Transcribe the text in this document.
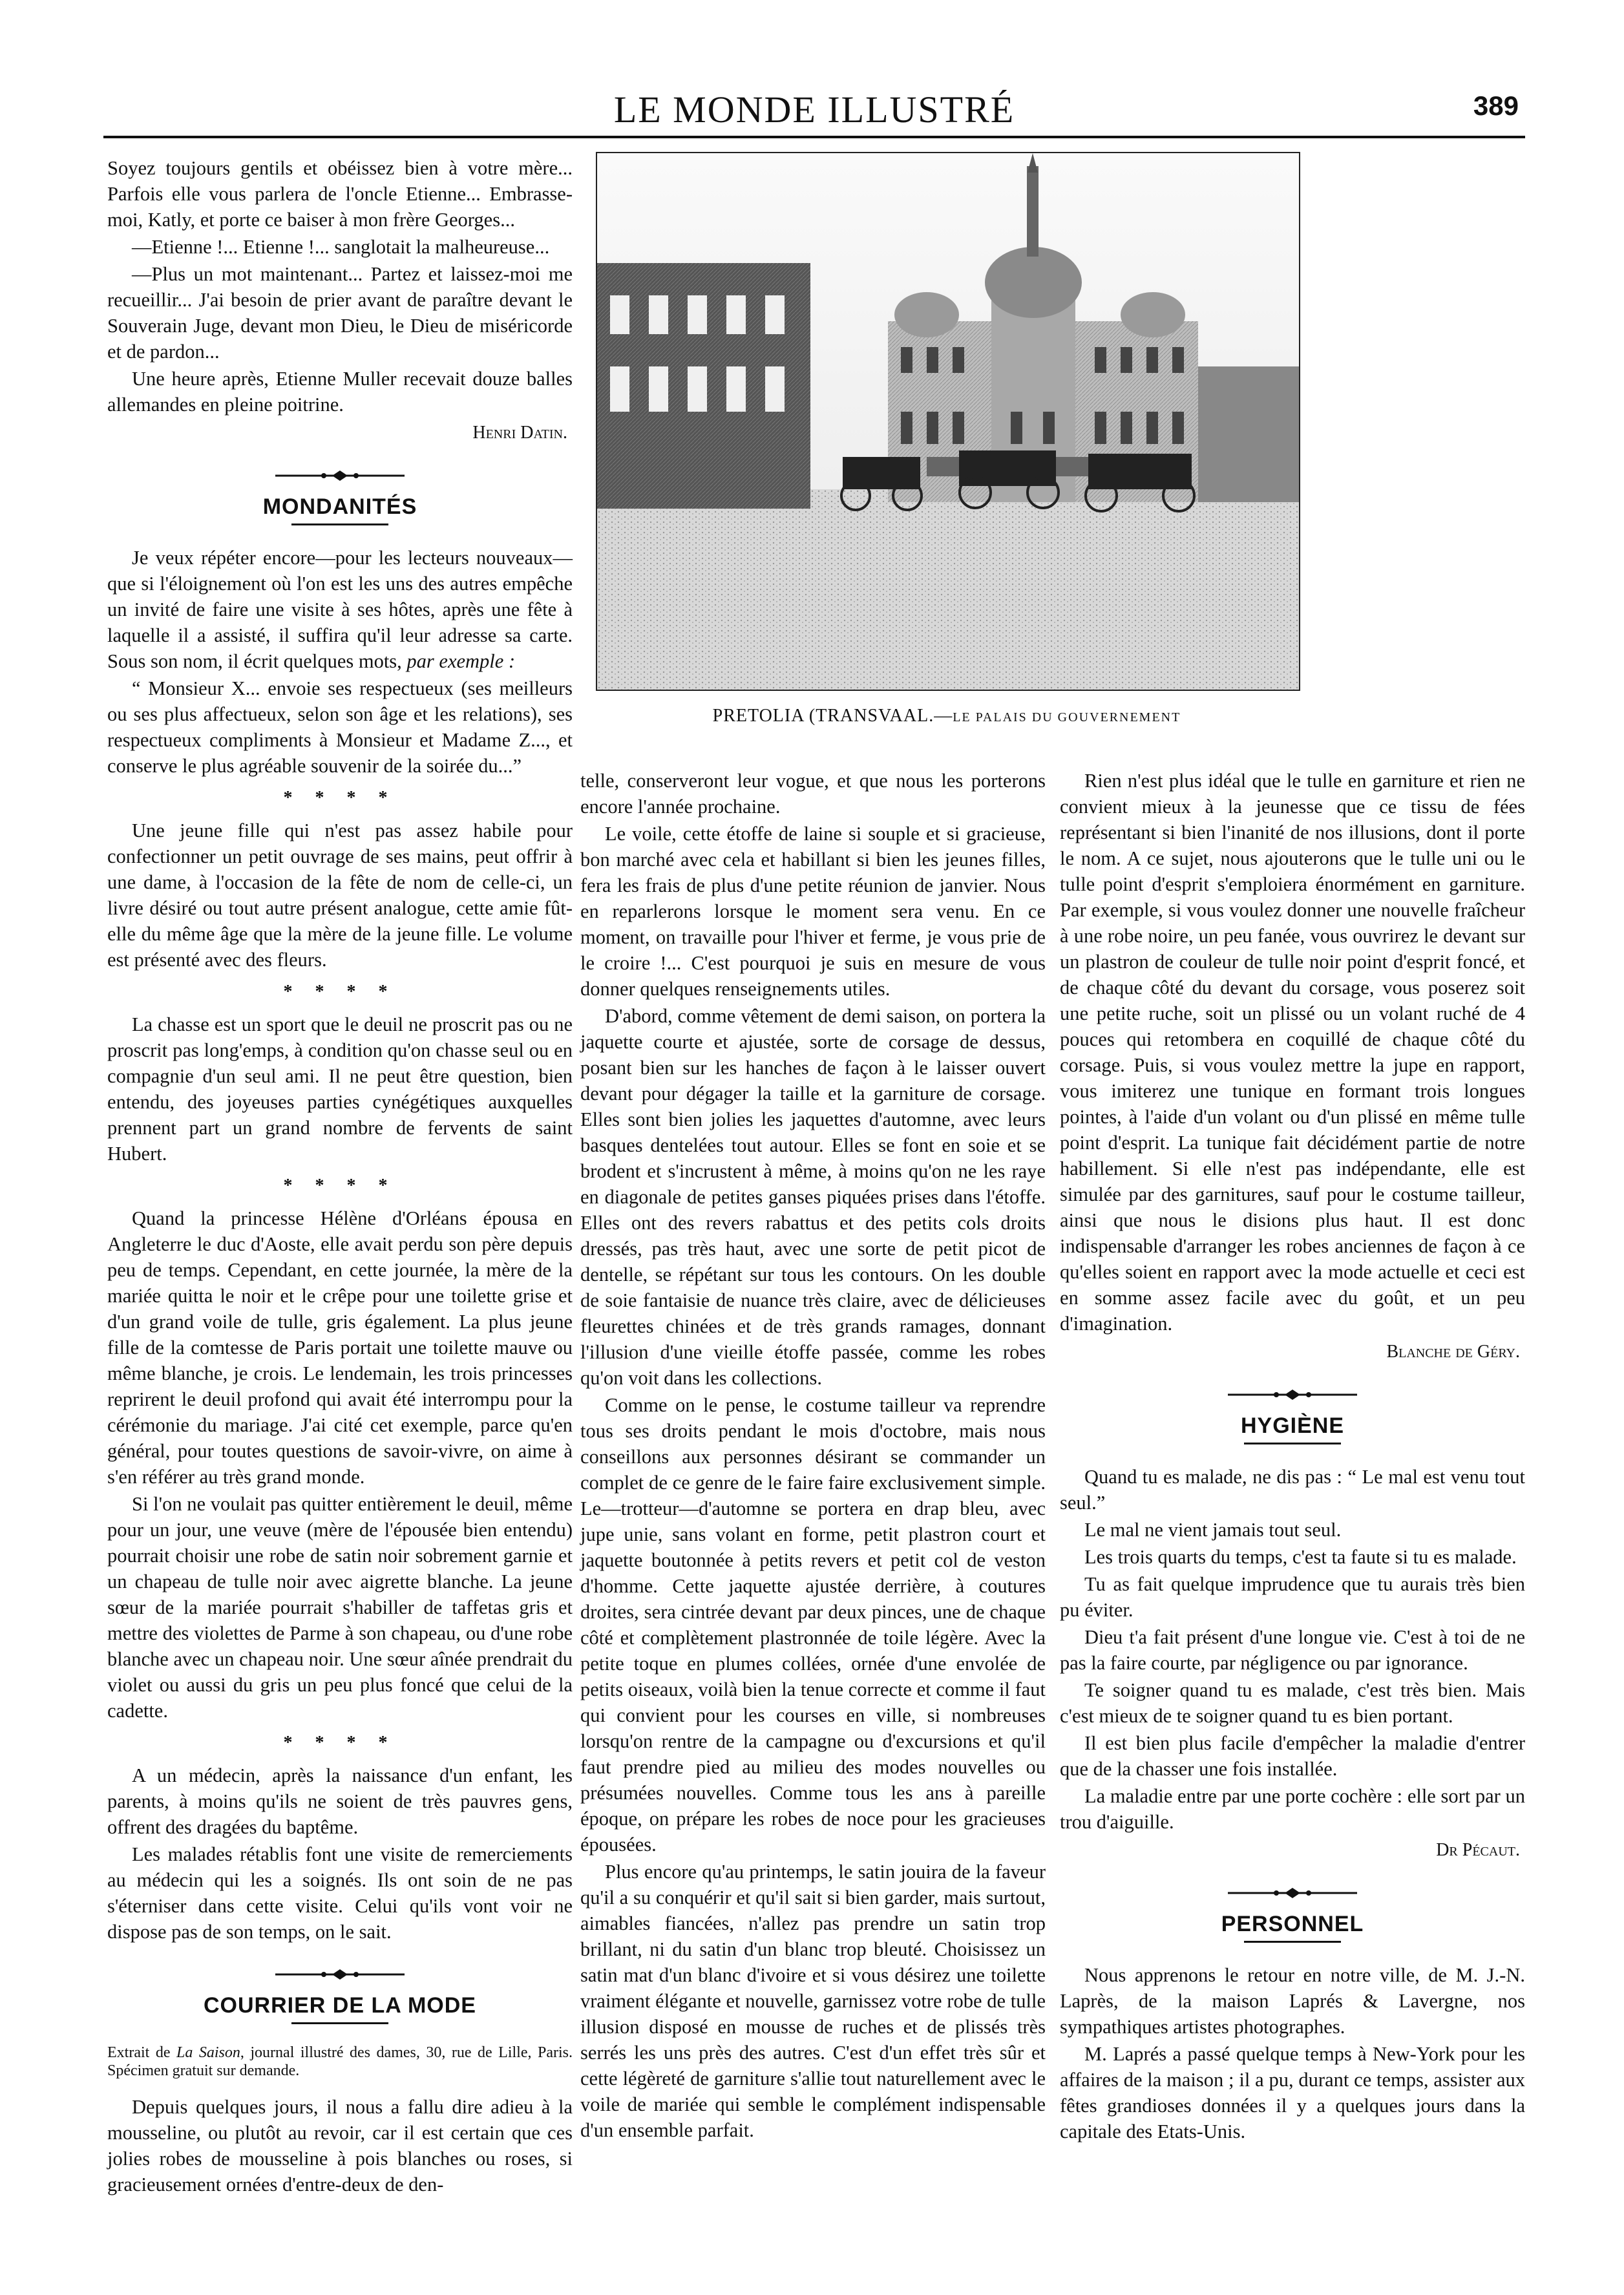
LE MONDE ILLUSTRÉ	389

Soyez toujours gentils et obéissez bien à votre mère... Parfois elle vous parlera de l'oncle Etienne... Embrasse-moi, Katly, et porte ce baiser à mon frère Georges...

—Etienne !... Etienne !... sanglotait la malheureuse...

—Plus un mot maintenant... Partez et laissez-moi me recueillir... J'ai besoin de prier avant de paraître devant le Souverain Juge, devant mon Dieu, le Dieu de miséricorde et de pardon...

Une heure après, Etienne Muller recevait douze balles allemandes en pleine poitrine.

Henri Datin.

MONDANITÉS

Je veux répéter encore—pour les lecteurs nouveaux—que si l'éloignement où l'on est les uns des autres empêche un invité de faire une visite à ses hôtes, après une fête à laquelle il a assisté, il suffira qu'il leur adresse sa carte. Sous son nom, il écrit quelques mots, par exemple :

“ Monsieur X... envoie ses respectueux (ses meilleurs ou ses plus affectueux, selon son âge et les relations), ses respectueux compliments à Monsieur et Madame Z..., et conserve le plus agréable souvenir de la soirée du...”

* * * *

Une jeune fille qui n'est pas assez habile pour confectionner un petit ouvrage de ses mains, peut offrir à une dame, à l'occasion de la fête de nom de celle-ci, un livre désiré ou tout autre présent analogue, cette amie fût-elle du même âge que la mère de la jeune fille. Le volume est présenté avec des fleurs.

* * * *

La chasse est un sport que le deuil ne proscrit pas ou ne proscrit pas long'emps, à condition qu'on chasse seul ou en compagnie d'un seul ami. Il ne peut être question, bien entendu, des joyeuses parties cynégétiques auxquelles prennent part un grand nombre de fervents de saint Hubert.

* * * *

Quand la princesse Hélène d'Orléans épousa en Angleterre le duc d'Aoste, elle avait perdu son père depuis peu de temps. Cependant, en cette journée, la mère de la mariée quitta le noir et le crêpe pour une toilette grise et d'un grand voile de tulle, gris également. La plus jeune fille de la comtesse de Paris portait une toilette mauve ou même blanche, je crois. Le lendemain, les trois princesses reprirent le deuil profond qui avait été interrompu pour la cérémonie du mariage. J'ai cité cet exemple, parce qu'en général, pour toutes questions de savoir-vivre, on aime à s'en référer au très grand monde.

Si l'on ne voulait pas quitter entièrement le deuil, même pour un jour, une veuve (mère de l'épousée bien entendu) pourrait choisir une robe de satin noir sobrement garnie et un chapeau de tulle noir avec aigrette blanche. La jeune sœur de la mariée pourrait s'habiller de taffetas gris et mettre des violettes de Parme à son chapeau, ou d'une robe blanche avec un chapeau noir. Une sœur aînée prendrait du violet ou aussi du gris un peu plus foncé que celui de la cadette.

* * * *

A un médecin, après la naissance d'un enfant, les parents, à moins qu'ils ne soient de très pauvres gens, offrent des dragées du baptême.

Les malades rétablis font une visite de remerciements au médecin qui les a soignés. Ils ont soin de ne pas s'éterniser dans cette visite. Celui qu'ils vont voir ne dispose pas de son temps, on le sait.

COURRIER DE LA MODE

Extrait de La Saison, journal illustré des dames, 30, rue de Lille, Paris. Spécimen gratuit sur demande.

Depuis quelques jours, il nous a fallu dire adieu à la mousseline, ou plutôt au revoir, car il est certain que ces jolies robes de mousseline à pois blanches ou roses, si gracieusement ornées d'entre-deux de den-

PRETOLIA (TRANSVAAL.—LE PALAIS DU GOUVERNEMENT

telle, conserveront leur vogue, et que nous les porterons encore l'année prochaine.

Le voile, cette étoffe de laine si souple et si gracieuse, bon marché avec cela et habillant si bien les jeunes filles, fera les frais de plus d'une petite réunion de janvier. Nous en reparlerons lorsque le moment sera venu. En ce moment, on travaille pour l'hiver et ferme, je vous prie de le croire !... C'est pourquoi je suis en mesure de vous donner quelques renseignements utiles.

D'abord, comme vêtement de demi saison, on portera la jaquette courte et ajustée, sorte de corsage de dessus, posant bien sur les hanches de façon à le laisser ouvert devant pour dégager la taille et la garniture de corsage. Elles sont bien jolies les jaquettes d'automne, avec leurs basques dentelées tout autour. Elles se font en soie et se brodent et s'incrustent à même, à moins qu'on ne les raye en diagonale de petites ganses piquées prises dans l'étoffe. Elles ont des revers rabattus et des petits cols droits dressés, pas très haut, avec une sorte de petit picot de dentelle, se répétant sur tous les contours. On les double de soie fantaisie de nuance très claire, avec de délicieuses fleurettes chinées et de très grands ramages, donnant l'illusion d'une vieille étoffe passée, comme les robes qu'on voit dans les collections.

Comme on le pense, le costume tailleur va reprendre tous ses droits pendant le mois d'octobre, mais nous conseillons aux personnes désirant se commander un complet de ce genre de le faire faire exclusivement simple. Le—trotteur—d'automne se portera en drap bleu, avec jupe unie, sans volant en forme, petit plastron court et jaquette boutonnée à petits revers et petit col de veston d'homme. Cette jaquette ajustée derrière, à coutures droites, sera cintrée devant par deux pinces, une de chaque côté et complètement plastronnée de toile légère. Avec la petite toque en plumes collées, ornée d'une envolée de petits oiseaux, voilà bien la tenue correcte et comme il faut qui convient pour les courses en ville, si nombreuses lorsqu'on rentre de la campagne ou d'excursions et qu'il faut prendre pied au milieu des modes nouvelles ou présumées nouvelles. Comme tous les ans à pareille époque, on prépare les robes de noce pour les gracieuses épousées.

Plus encore qu'au printemps, le satin jouira de la faveur qu'il a su conquérir et qu'il sait si bien garder, mais surtout, aimables fiancées, n'allez pas prendre un satin trop brillant, ni du satin d'un blanc trop bleuté. Choisissez un satin mat d'un blanc d'ivoire et si vous désirez une toilette vraiment élégante et nouvelle, garnissez votre robe de tulle illusion disposé en mousse de ruches et de plissés très serrés les uns près des autres. C'est d'un effet très sûr et cette légèreté de garniture s'allie tout naturellement avec le voile de mariée qui semble le complément indispensable d'un ensemble parfait.

Rien n'est plus idéal que le tulle en garniture et rien ne convient mieux à la jeunesse que ce tissu de fées représentant si bien l'inanité de nos illusions, dont il porte le nom. A ce sujet, nous ajouterons que le tulle uni ou le tulle point d'esprit s'emploiera énormément en garniture. Par exemple, si vous voulez donner une nouvelle fraîcheur à une robe noire, un peu fanée, vous ouvrirez le devant sur un plastron de couleur de tulle noir point d'esprit foncé, et de chaque côté du devant du corsage, vous poserez soit une petite ruche, soit un plissé ou un volant ruché de 4 pouces qui retombera en coquillé de chaque côté du corsage. Puis, si vous voulez mettre la jupe en rapport, vous imiterez une tunique en formant trois longues pointes, à l'aide d'un volant ou d'un plissé en même tulle point d'esprit. La tunique fait décidément partie de notre habillement. Si elle n'est pas indépendante, elle est simulée par des garnitures, sauf pour le costume tailleur, ainsi que nous le disions plus haut. Il est donc indispensable d'arranger les robes anciennes de façon à ce qu'elles soient en rapport avec la mode actuelle et ceci est en somme assez facile avec du goût, et un peu d'imagination.

Blanche de Géry.

HYGIÈNE

Quand tu es malade, ne dis pas : “ Le mal est venu tout seul.”

Le mal ne vient jamais tout seul.

Les trois quarts du temps, c'est ta faute si tu es malade.

Tu as fait quelque imprudence que tu aurais très bien pu éviter.

Dieu t'a fait présent d'une longue vie. C'est à toi de ne pas la faire courte, par négligence ou par ignorance.

Te soigner quand tu es malade, c'est très bien. Mais c'est mieux de te soigner quand tu es bien portant.

Il est bien plus facile d'empêcher la maladie d'entrer que de la chasser une fois installée.

La maladie entre par une porte cochère : elle sort par un trou d'aiguille.

Dr Pécaut.

PERSONNEL

Nous apprenons le retour en notre ville, de M. J.-N. Laprès, de la maison Laprés & Lavergne, nos sympathiques artistes photographes.

M. Laprés a passé quelque temps à New-York pour les affaires de la maison ; il a pu, durant ce temps, assister aux fêtes grandioses données il y a quelques jours dans la capitale des Etats-Unis.
